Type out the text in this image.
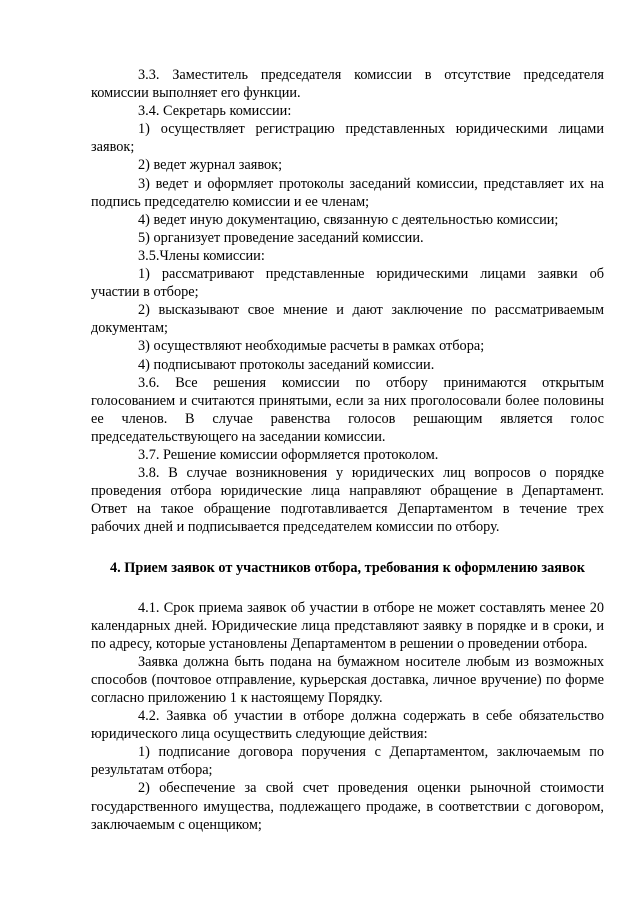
3.3. Заместитель председателя комиссии в отсутствие председателя комиссии выполняет его функции.

3.4. Секретарь комиссии:

1) осуществляет регистрацию представленных юридическими лицами заявок;

2) ведет журнал заявок;

3) ведет и оформляет протоколы заседаний комиссии, представляет их на подпись председателю комиссии и ее членам;

4) ведет иную документацию, связанную с деятельностью комиссии;

5) организует проведение заседаний комиссии.

3.5.Члены комиссии:

1) рассматривают представленные юридическими лицами заявки об участии в отборе;

2) высказывают свое мнение и дают заключение по рассматриваемым документам;

3) осуществляют необходимые расчеты в рамках отбора;

4) подписывают протоколы заседаний комиссии.

3.6. Все решения комиссии по отбору принимаются открытым голосованием и считаются принятыми, если за них проголосовали более половины ее членов. В случае равенства голосов решающим является голос председательствующего на заседании комиссии.

3.7. Решение комиссии оформляется протоколом.

3.8. В случае возникновения у юридических лиц вопросов о порядке проведения отбора юридические лица направляют обращение в Департамент. Ответ на такое обращение подготавливается Департаментом в течение трех рабочих дней и подписывается председателем комиссии по отбору.

4. Прием заявок от участников отбора, требования к оформлению заявок

4.1. Срок приема заявок об участии в отборе не может составлять менее 20 календарных дней. Юридические лица представляют заявку в порядке и в сроки, и по адресу, которые установлены Департаментом в решении о проведении отбора.

Заявка должна быть подана на бумажном носителе любым из возможных способов (почтовое отправление, курьерская доставка, личное вручение) по форме согласно приложению 1 к настоящему Порядку.

4.2. Заявка об участии в отборе должна содержать в себе обязательство юридического лица осуществить следующие действия:

1) подписание договора поручения с Департаментом, заключаемым по результатам отбора;

2) обеспечение за свой счет проведения оценки рыночной стоимости государственного имущества, подлежащего продаже, в соответствии с договором, заключаемым с оценщиком;
